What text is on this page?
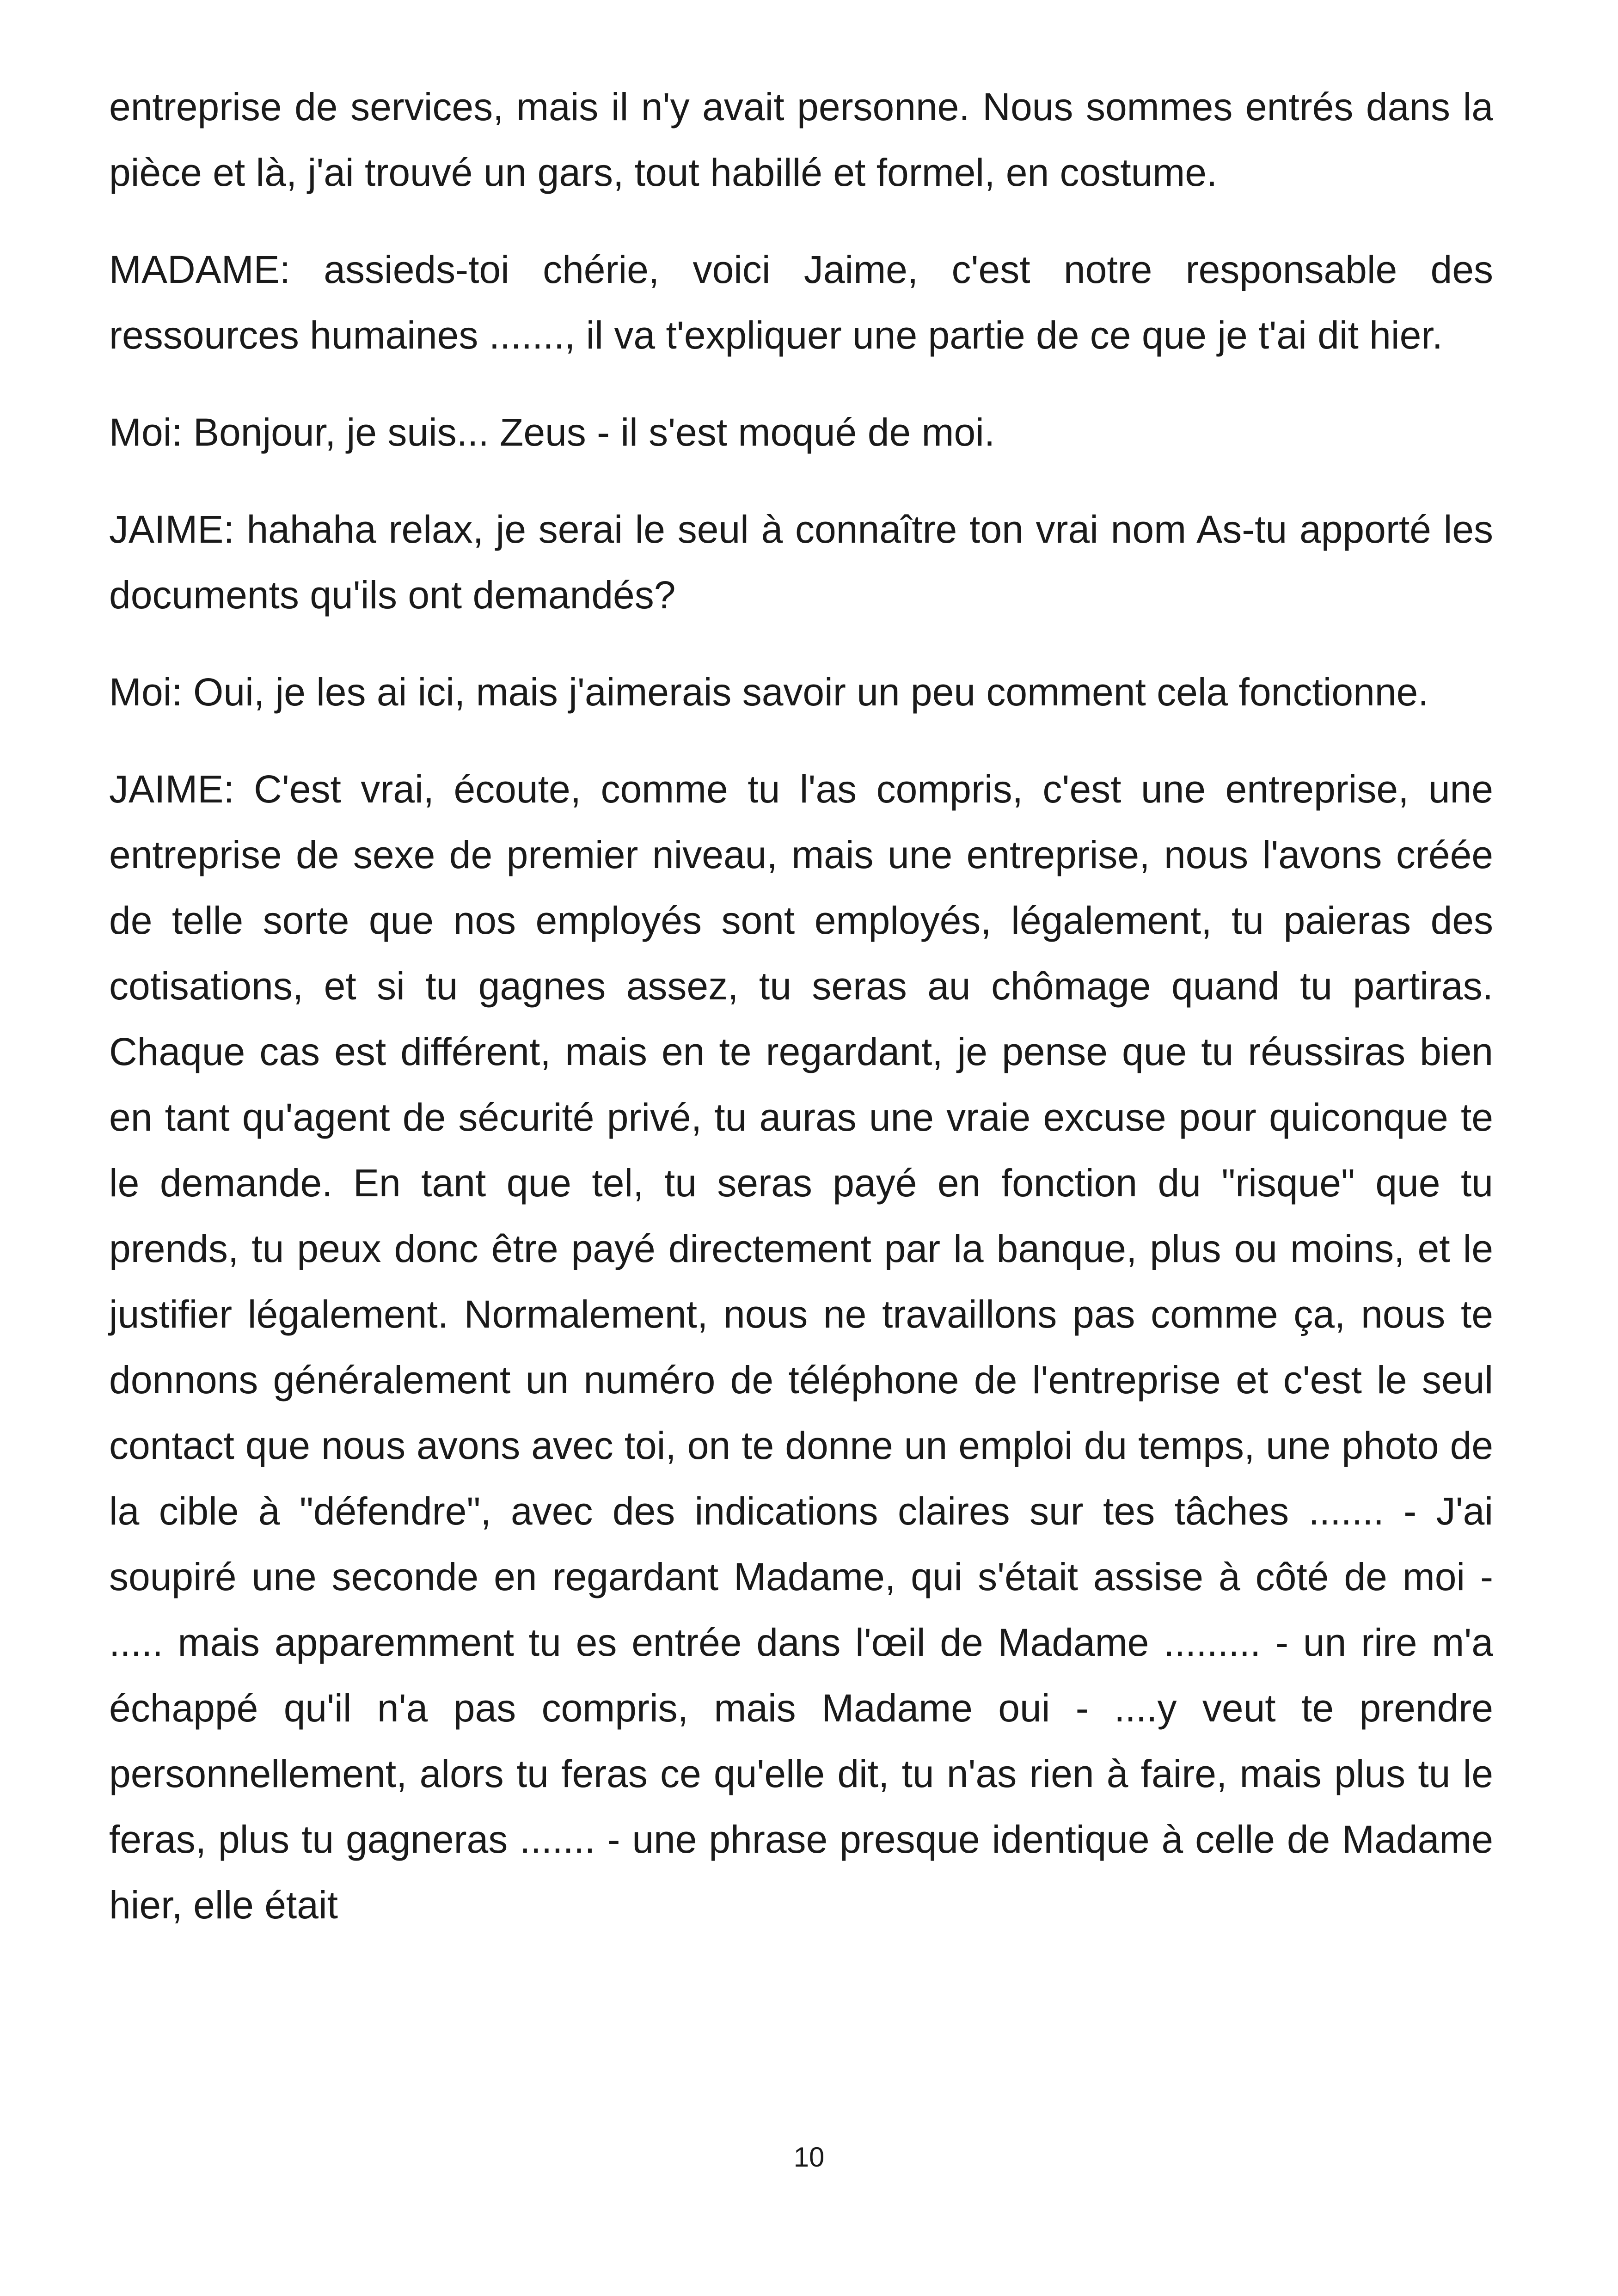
entreprise de services, mais il n'y avait personne. Nous sommes entrés dans la pièce et là, j'ai trouvé un gars, tout habillé et formel, en costume.

MADAME: assieds-toi chérie, voici Jaime, c'est notre responsable des ressources humaines ......., il va t'expliquer une partie de ce que je t'ai dit hier.

Moi: Bonjour, je suis... Zeus - il s'est moqué de moi.

JAIME: hahaha relax, je serai le seul à connaître ton vrai nom As-tu apporté les documents qu'ils ont demandés?

Moi: Oui, je les ai ici, mais j'aimerais savoir un peu comment cela fonctionne.

JAIME: C'est vrai, écoute, comme tu l'as compris, c'est une entreprise, une entreprise de sexe de premier niveau, mais une entreprise, nous l'avons créée de telle sorte que nos employés sont employés, légalement, tu paieras des cotisations, et si tu gagnes assez, tu seras au chômage quand tu partiras. Chaque cas est différent, mais en te regardant, je pense que tu réussiras bien en tant qu'agent de sécurité privé, tu auras une vraie excuse pour quiconque te le demande. En tant que tel, tu seras payé en fonction du "risque" que tu prends, tu peux donc être payé directement par la banque, plus ou moins, et le justifier légalement. Normalement, nous ne travaillons pas comme ça, nous te donnons généralement un numéro de téléphone de l'entreprise et c'est le seul contact que nous avons avec toi, on te donne un emploi du temps, une photo de la cible à "défendre", avec des indications claires sur tes tâches ....... - J'ai soupiré une seconde en regardant Madame, qui s'était assise à côté de moi - ..... mais apparemment tu es entrée dans l'œil de Madame ......... - un rire m'a échappé qu'il n'a pas compris, mais Madame oui - ....y veut te prendre personnellement, alors tu feras ce qu'elle dit, tu n'as rien à faire, mais plus tu le feras, plus tu gagneras ....... - une phrase presque identique à celle de Madame hier, elle était

10
